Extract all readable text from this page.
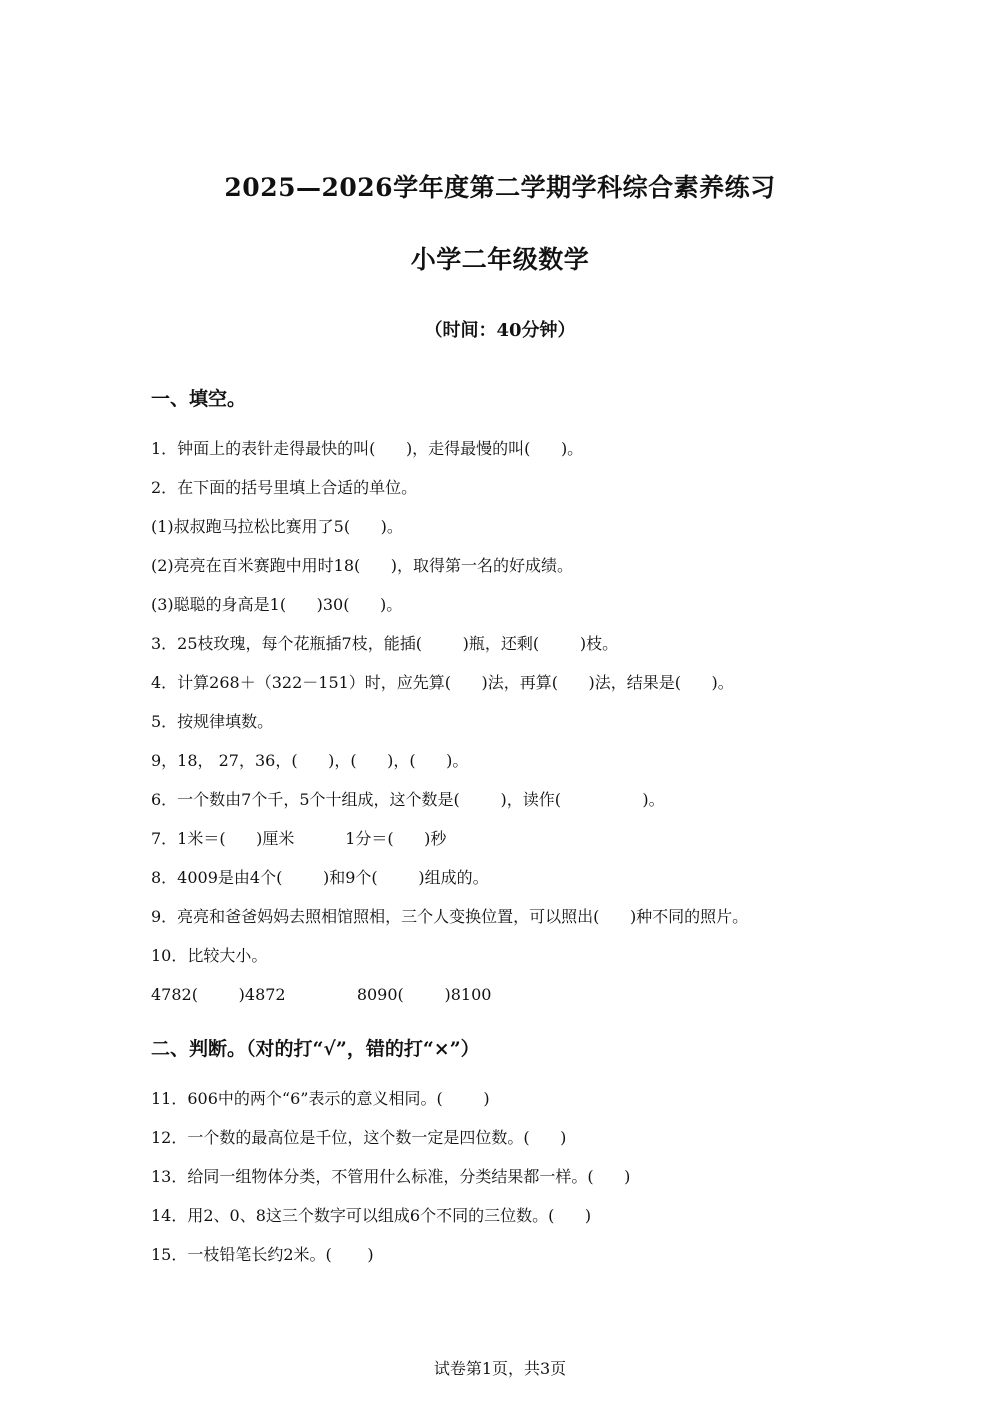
2025—2026学年度第二学期学科综合素养练习
小学二年级数学
（时间：40分钟）
一、填空。
1．钟面上的表针走得最快的叫(      )，走得最慢的叫(      )。
2．在下面的括号里填上合适的单位。
(1)叔叔跑马拉松比赛用了5(      )。
(2)亮亮在百米赛跑中用时18(      )，取得第一名的好成绩。
(3)聪聪的身高是1(      )30(      )。
3．25枝玫瑰，每个花瓶插7枝，能插(        )瓶，还剩(        )枝。
4．计算268＋（322－151）时，应先算(      )法，再算(      )法，结果是(      )。
5．按规律填数。
9，18， 27，36，(      )，(      )，(      )。
6．一个数由7个千，5个十组成，这个数是(        )，读作(                )。
7．1米＝(      )厘米          1分＝(      )秒
8．4009是由4个(        )和9个(        )组成的。
9．亮亮和爸爸妈妈去照相馆照相，三个人变换位置，可以照出(      )种不同的照片。
10．比较大小。
4782(        )4872              8090(        )8100
二、判断。（对的打“√”，错的打“×”）
11．606中的两个“6”表示的意义相同。(        )
12．一个数的最高位是千位，这个数一定是四位数。(      )
13．给同一组物体分类，不管用什么标准，分类结果都一样。(      )
14．用2、0、8这三个数字可以组成6个不同的三位数。(      )
15．一枝铅笔长约2米。(       )
试卷第1页，共3页
